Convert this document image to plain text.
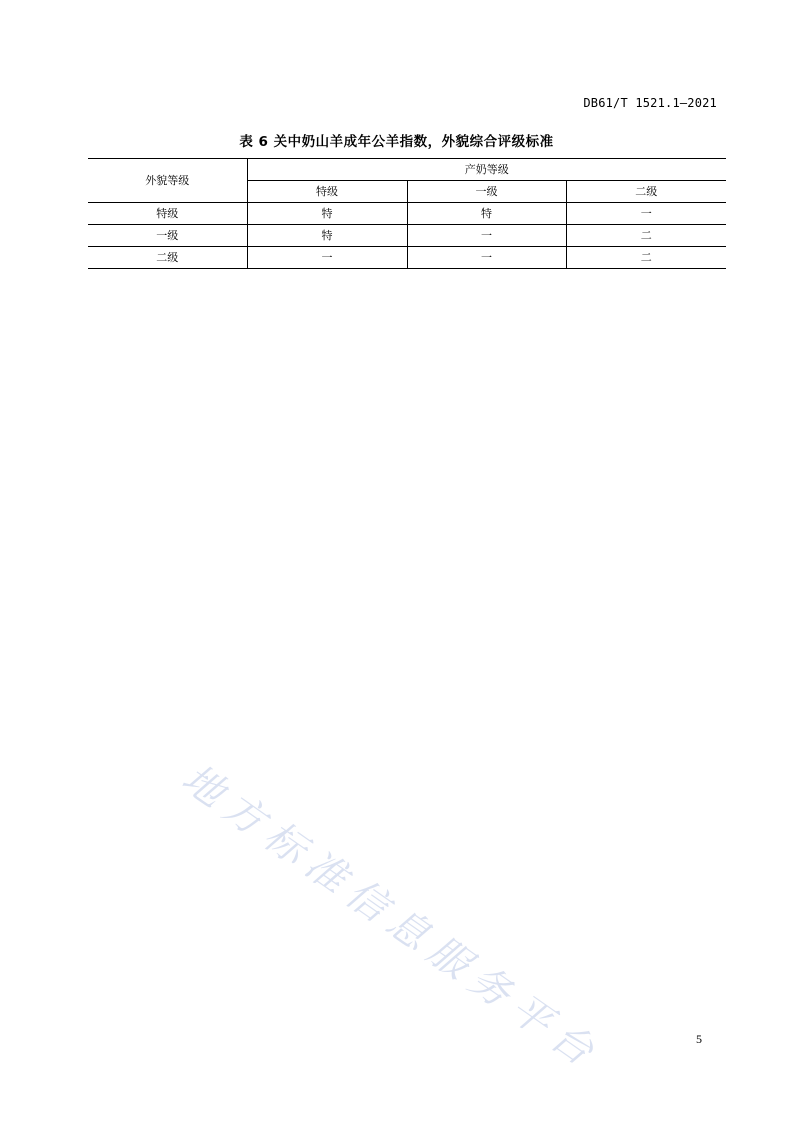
DB61/T 1521.1—2021
表 6 关中奶山羊成年公羊指数，外貌综合评级标准
外貌等级	产奶等级		
	特级	一级	二级
特级	特	特	一
一级	特	一	二
二级	一	一	二
地方标准信息服务平台	5
